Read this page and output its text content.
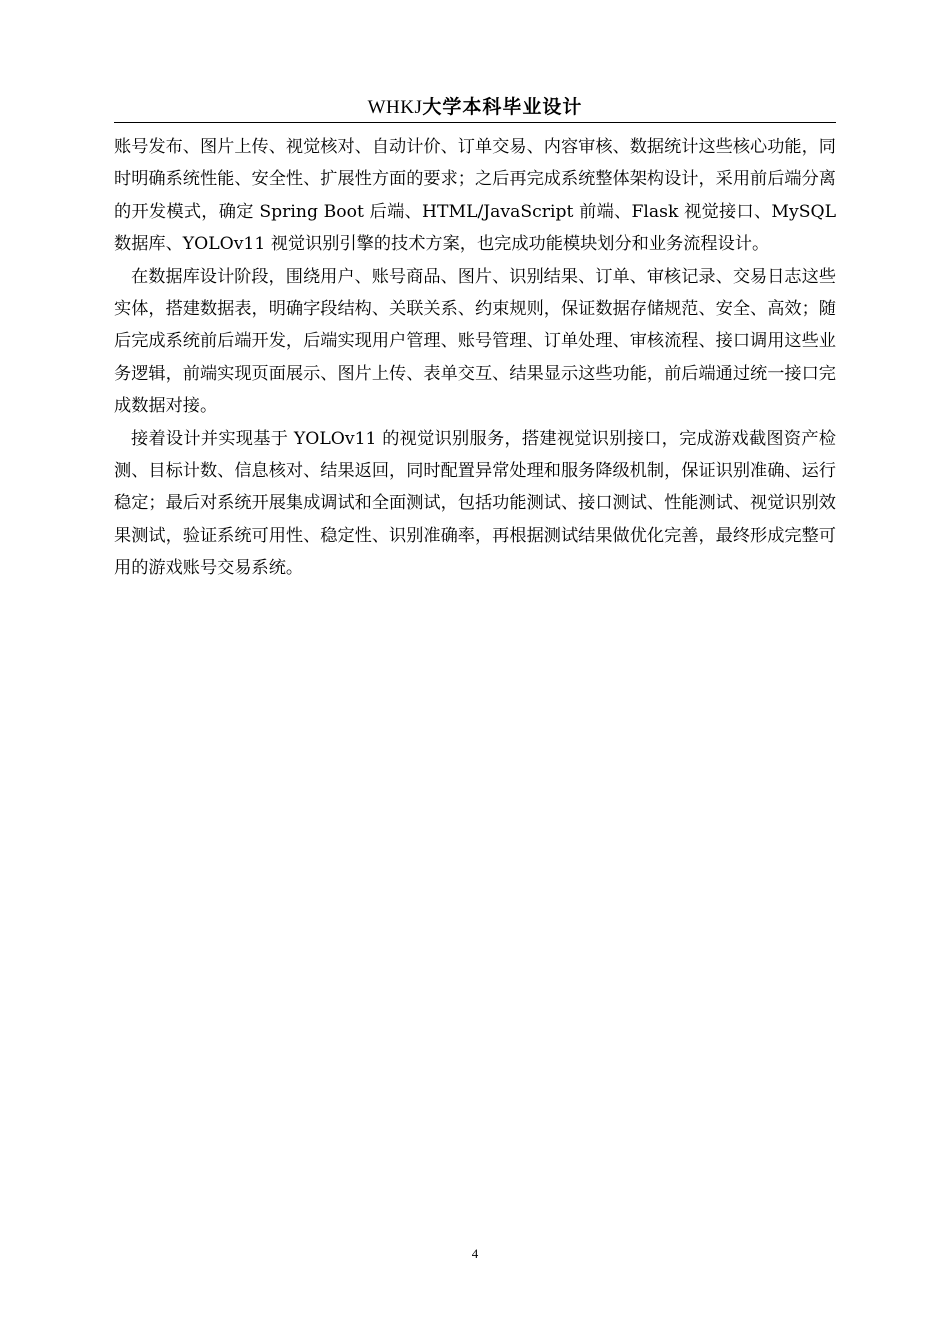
WHKJ大学本科毕业设计

账号发布、图片上传、视觉核对、自动计价、订单交易、内容审核、数据统计这些核心功能，同时明确系统性能、安全性、扩展性方面的要求；之后再完成系统整体架构设计，采用前后端分离的开发模式，确定 Spring Boot 后端、HTML/JavaScript 前端、Flask 视觉接口、MySQL 数据库、YOLOv11 视觉识别引擎的技术方案，也完成功能模块划分和业务流程设计。

在数据库设计阶段，围绕用户、账号商品、图片、识别结果、订单、审核记录、交易日志这些实体，搭建数据表，明确字段结构、关联关系、约束规则，保证数据存储规范、安全、高效；随后完成系统前后端开发，后端实现用户管理、账号管理、订单处理、审核流程、接口调用这些业务逻辑，前端实现页面展示、图片上传、表单交互、结果显示这些功能，前后端通过统一接口完成数据对接。

接着设计并实现基于 YOLOv11 的视觉识别服务，搭建视觉识别接口，完成游戏截图资产检测、目标计数、信息核对、结果返回，同时配置异常处理和服务降级机制，保证识别准确、运行稳定；最后对系统开展集成调试和全面测试，包括功能测试、接口测试、性能测试、视觉识别效果测试，验证系统可用性、稳定性、识别准确率，再根据测试结果做优化完善，最终形成完整可用的游戏账号交易系统。

4
